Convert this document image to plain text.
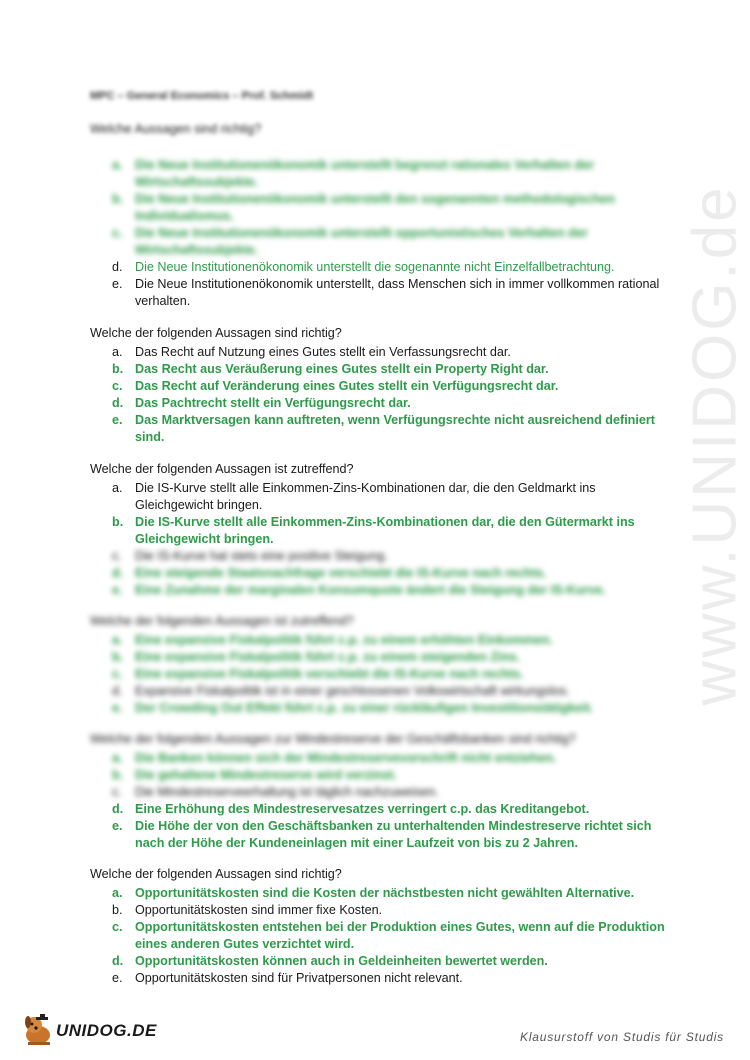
www.UNIDOG.de
MPC – General Economics – Prof. Schmidt

Welche Aussagen sind richtig?

a. Die Neue Institutionenökonomik unterstellt begrenzt rationales Verhalten der Wirtschaftssubjekte.
b. Die Neue Institutionenökonomik unterstellt den sogenannten methodologischen Individualismus.
c. Die Neue Institutionenökonomik unterstellt opportunistisches Verhalten der Wirtschaftssubjekte.
d. Die Neue Institutionenökonomik unterstellt die sogenannte nicht Einzelfallbetrachtung.
e. Die Neue Institutionenökonomik unterstellt, dass Menschen sich in immer vollkommen rational verhalten.

Welche der folgenden Aussagen sind richtig?

a. Das Recht auf Nutzung eines Gutes stellt ein Verfassungsrecht dar.
b. Das Recht aus Veräußerung eines Gutes stellt ein Property Right dar.
c. Das Recht auf Veränderung eines Gutes stellt ein Verfügungsrecht dar.
d. Das Pachtrecht stellt ein Verfügungsrecht dar.
e. Das Marktversagen kann auftreten, wenn Verfügungsrechte nicht ausreichend definiert sind.

Welche der folgenden Aussagen ist zutreffend?

a. Die IS-Kurve stellt alle Einkommen-Zins-Kombinationen dar, die den Geldmarkt ins Gleichgewicht bringen.
b. Die IS-Kurve stellt alle Einkommen-Zins-Kombinationen dar, die den Gütermarkt ins Gleichgewicht bringen.
c. Die IS-Kurve hat stets eine positive Steigung.
d. Eine steigende Staatsnachfrage verschiebt die IS-Kurve nach rechts.
e. Eine Zunahme der marginalen Konsumquote ändert die Steigung der IS-Kurve.

Welche der folgenden Aussagen ist zutreffend?

a. Eine expansive Fiskalpolitik führt c.p. zu einem erhöhten Einkommen.
b. Eine expansive Fiskalpolitik führt c.p. zu einem steigenden Zins.
c. Eine expansive Fiskalpolitik verschiebt die IS-Kurve nach rechts.
d. Expansive Fiskalpolitik ist in einer geschlossenen Volkswirtschaft wirkungslos.
e. Der Crowding Out Effekt führt c.p. zu einer rückläufigen Investitionstätigkeit.

Welche der folgenden Aussagen zur Mindestreserve der Geschäftsbanken sind richtig?

a. Die Banken können sich der Mindestreservevorschrift nicht entziehen.
b. Die gehaltene Mindestreserve wird verzinst.
c. Die Mindestreserveerhaltung ist täglich nachzuweisen.
d. Eine Erhöhung des Mindestreservesatzes verringert c.p. das Kreditangebot.
e. Die Höhe der von den Geschäftsbanken zu unterhaltenden Mindestreserve richtet sich nach der Höhe der Kundeneinlagen mit einer Laufzeit von bis zu 2 Jahren.

Welche der folgenden Aussagen sind richtig?

a. Opportunitätskosten sind die Kosten der nächstbesten nicht gewählten Alternative.
b. Opportunitätskosten sind immer fixe Kosten.
c. Opportunitätskosten entstehen bei der Produktion eines Gutes, wenn auf die Produktion eines anderen Gutes verzichtet wird.
d. Opportunitätskosten können auch in Geldeinheiten bewertet werden.
e. Opportunitätskosten sind für Privatpersonen nicht relevant.
UNIDOG.DE	Klausurstoff von Studis für Studis
